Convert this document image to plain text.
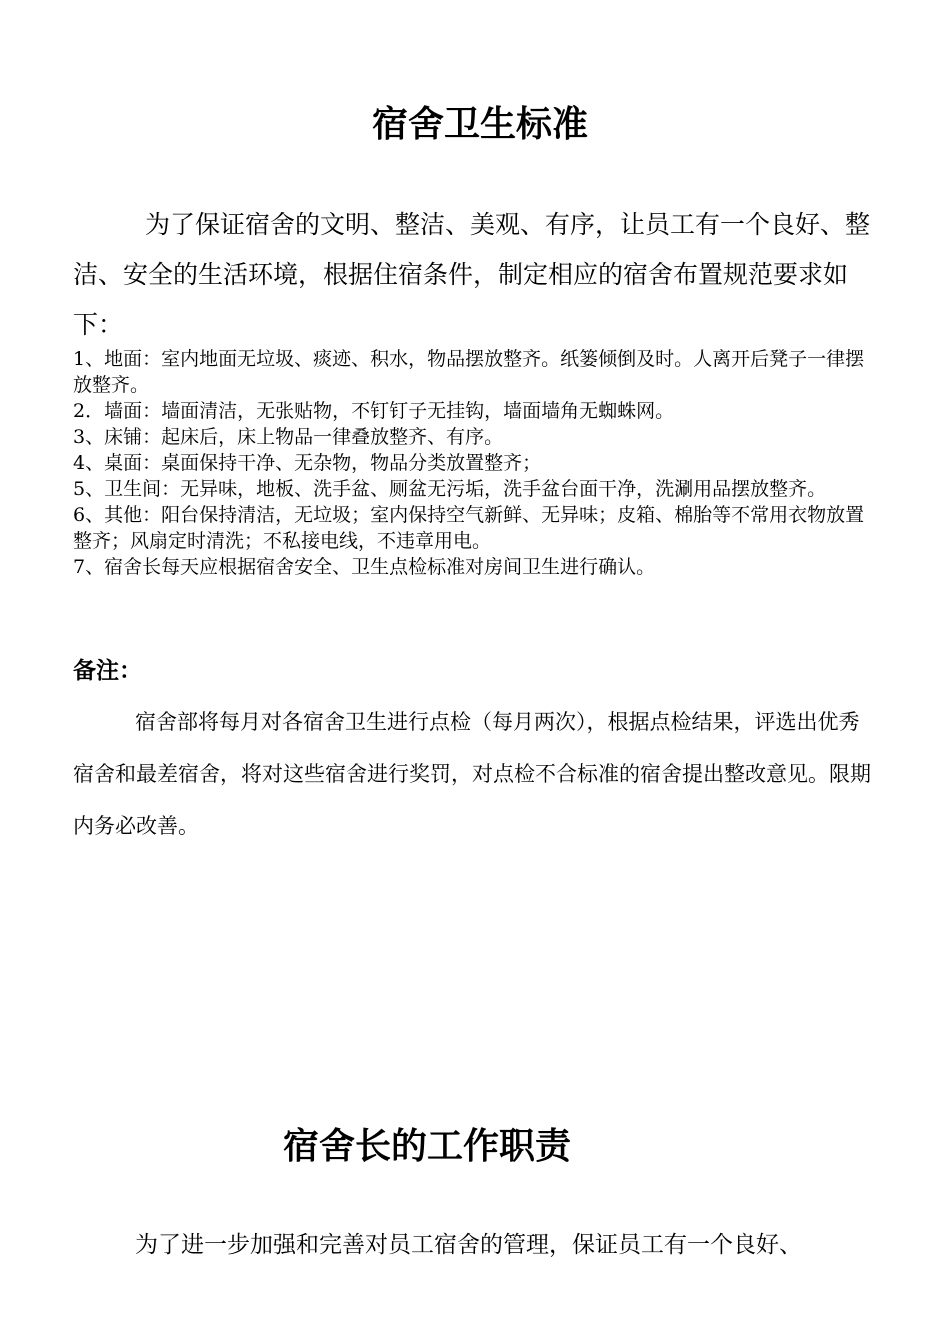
宿舍卫生标准

为了保证宿舍的文明、整洁、美观、有序，让员工有一个良好、整洁、安全的生活环境，根据住宿条件，制定相应的宿舍布置规范要求如下：

1、地面：室内地面无垃圾、痰迹、积水，物品摆放整齐。纸篓倾倒及时。人离开后凳子一律摆放整齐。
2．墙面：墙面清洁，无张贴物，不钉钉子无挂钩，墙面墙角无蜘蛛网。
3、床铺：起床后，床上物品一律叠放整齐、有序。
4、桌面：桌面保持干净、无杂物，物品分类放置整齐；
5、卫生间：无异味，地板、洗手盆、厕盆无污垢，洗手盆台面干净，洗涮用品摆放整齐。
6、其他：阳台保持清洁，无垃圾；室内保持空气新鲜、无异味；皮箱、棉胎等不常用衣物放置整齐；风扇定时清洗；不私接电线，不违章用电。
7、宿舍长每天应根据宿舍安全、卫生点检标准对房间卫生进行确认。

备注：

宿舍部将每月对各宿舍卫生进行点检（每月两次），根据点检结果，评选出优秀宿舍和最差宿舍，将对这些宿舍进行奖罚，对点检不合标准的宿舍提出整改意见。限期内务必改善。

宿舍长的工作职责

为了进一步加强和完善对员工宿舍的管理，保证员工有一个良好、
